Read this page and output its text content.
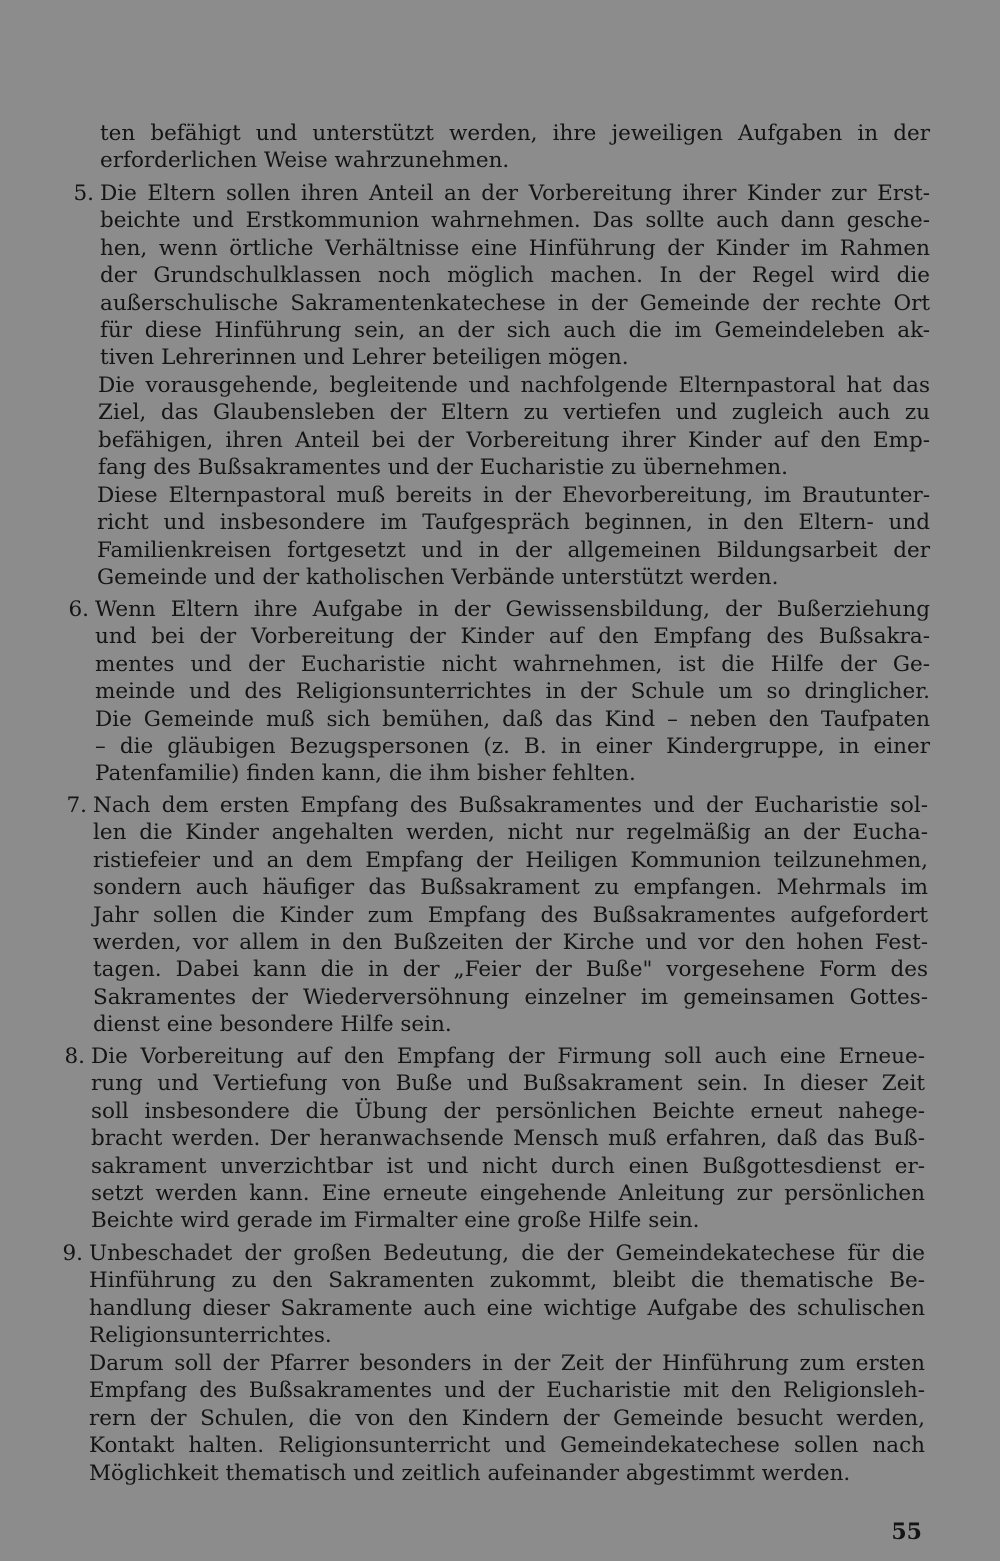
ten befähigt und unterstützt werden, ihre jeweiligen Aufgaben in der
erforderlichen Weise wahrzunehmen.
5. Die Eltern sollen ihren Anteil an der Vorbereitung ihrer Kinder zur Erst-
beichte und Erstkommunion wahrnehmen. Das sollte auch dann gesche-
hen, wenn örtliche Verhältnisse eine Hinführung der Kinder im Rahmen
der Grundschulklassen noch möglich machen. In der Regel wird die
außerschulische Sakramentenkatechese in der Gemeinde der rechte Ort
für diese Hinführung sein, an der sich auch die im Gemeindeleben ak-
tiven Lehrerinnen und Lehrer beteiligen mögen.
Die vorausgehende, begleitende und nachfolgende Elternpastoral hat das
Ziel, das Glaubensleben der Eltern zu vertiefen und zugleich auch zu
befähigen, ihren Anteil bei der Vorbereitung ihrer Kinder auf den Emp-
fang des Bußsakramentes und der Eucharistie zu übernehmen.
Diese Elternpastoral muß bereits in der Ehevorbereitung, im Brautunter-
richt und insbesondere im Taufgespräch beginnen, in den Eltern- und
Familienkreisen fortgesetzt und in der allgemeinen Bildungsarbeit der
Gemeinde und der katholischen Verbände unterstützt werden.
6. Wenn Eltern ihre Aufgabe in der Gewissensbildung, der Bußerziehung
und bei der Vorbereitung der Kinder auf den Empfang des Bußsakra-
mentes und der Eucharistie nicht wahrnehmen, ist die Hilfe der Ge-
meinde und des Religionsunterrichtes in der Schule um so dringlicher.
Die Gemeinde muß sich bemühen, daß das Kind – neben den Taufpaten
– die gläubigen Bezugspersonen (z. B. in einer Kindergruppe, in einer
Patenfamilie) finden kann, die ihm bisher fehlten.
7. Nach dem ersten Empfang des Bußsakramentes und der Eucharistie sol-
len die Kinder angehalten werden, nicht nur regelmäßig an der Eucha-
ristiefeier und an dem Empfang der Heiligen Kommunion teilzunehmen,
sondern auch häufiger das Bußsakrament zu empfangen. Mehrmals im
Jahr sollen die Kinder zum Empfang des Bußsakramentes aufgefordert
werden, vor allem in den Bußzeiten der Kirche und vor den hohen Fest-
tagen. Dabei kann die in der „Feier der Buße" vorgesehene Form des
Sakramentes der Wiederversöhnung einzelner im gemeinsamen Gottes-
dienst eine besondere Hilfe sein.
8. Die Vorbereitung auf den Empfang der Firmung soll auch eine Erneue-
rung und Vertiefung von Buße und Bußsakrament sein. In dieser Zeit
soll insbesondere die Übung der persönlichen Beichte erneut nahege-
bracht werden. Der heranwachsende Mensch muß erfahren, daß das Buß-
sakrament unverzichtbar ist und nicht durch einen Bußgottesdienst er-
setzt werden kann. Eine erneute eingehende Anleitung zur persönlichen
Beichte wird gerade im Firmalter eine große Hilfe sein.
9. Unbeschadet der großen Bedeutung, die der Gemeindekatechese für die
Hinführung zu den Sakramenten zukommt, bleibt die thematische Be-
handlung dieser Sakramente auch eine wichtige Aufgabe des schulischen
Religionsunterrichtes.
Darum soll der Pfarrer besonders in der Zeit der Hinführung zum ersten
Empfang des Bußsakramentes und der Eucharistie mit den Religionsleh-
rern der Schulen, die von den Kindern der Gemeinde besucht werden,
Kontakt halten. Religionsunterricht und Gemeindekatechese sollen nach
Möglichkeit thematisch und zeitlich aufeinander abgestimmt werden.
55
